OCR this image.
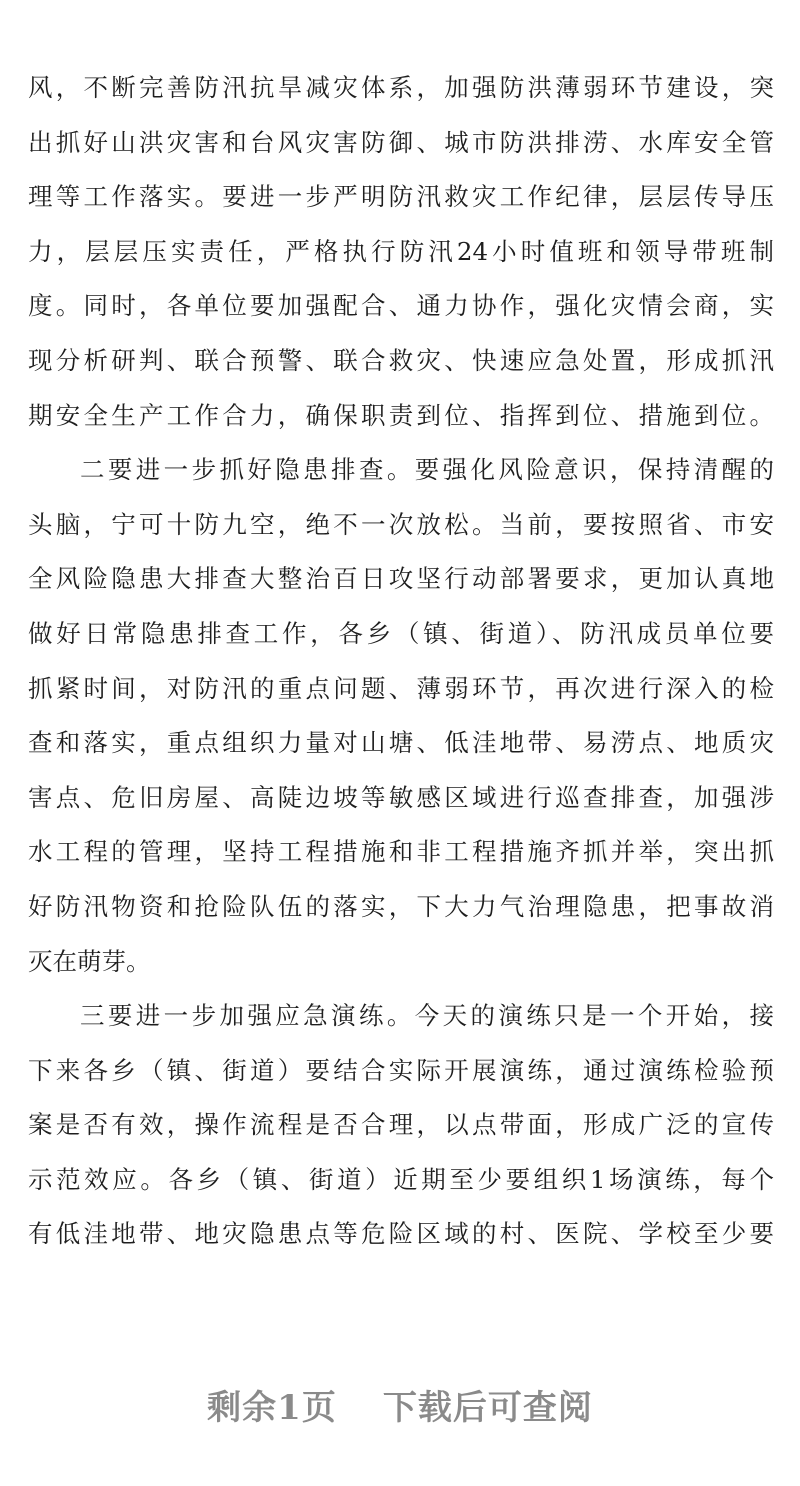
风，不断完善防汛抗旱减灾体系，加强防洪薄弱环节建设，突
出抓好山洪灾害和台风灾害防御、城市防洪排涝、水库安全管
理等工作落实。要进一步严明防汛救灾工作纪律，层层传导压
力，层层压实责任，严格执行防汛24小时值班和领导带班制
度。同时，各单位要加强配合、通力协作，强化灾情会商，实
现分析研判、联合预警、联合救灾、快速应急处置，形成抓汛
期安全生产工作合力，确保职责到位、指挥到位、措施到位。
二要进一步抓好隐患排查。要强化风险意识，保持清醒的
头脑，宁可十防九空，绝不一次放松。当前，要按照省、市安
全风险隐患大排查大整治百日攻坚行动部署要求，更加认真地
做好日常隐患排查工作，各乡（镇、街道）、防汛成员单位要
抓紧时间，对防汛的重点问题、薄弱环节，再次进行深入的检
查和落实，重点组织力量对山塘、低洼地带、易涝点、地质灾
害点、危旧房屋、高陡边坡等敏感区域进行巡查排查，加强涉
水工程的管理，坚持工程措施和非工程措施齐抓并举，突出抓
好防汛物资和抢险队伍的落实，下大力气治理隐患，把事故消
灭在萌芽。
三要进一步加强应急演练。今天的演练只是一个开始，接
下来各乡（镇、街道）要结合实际开展演练，通过演练检验预
案是否有效，操作流程是否合理，以点带面，形成广泛的宣传
示范效应。各乡（镇、街道）近期至少要组织1场演练，每个
有低洼地带、地灾隐患点等危险区域的村、医院、学校至少要
剩余1页 下载后可查阅
